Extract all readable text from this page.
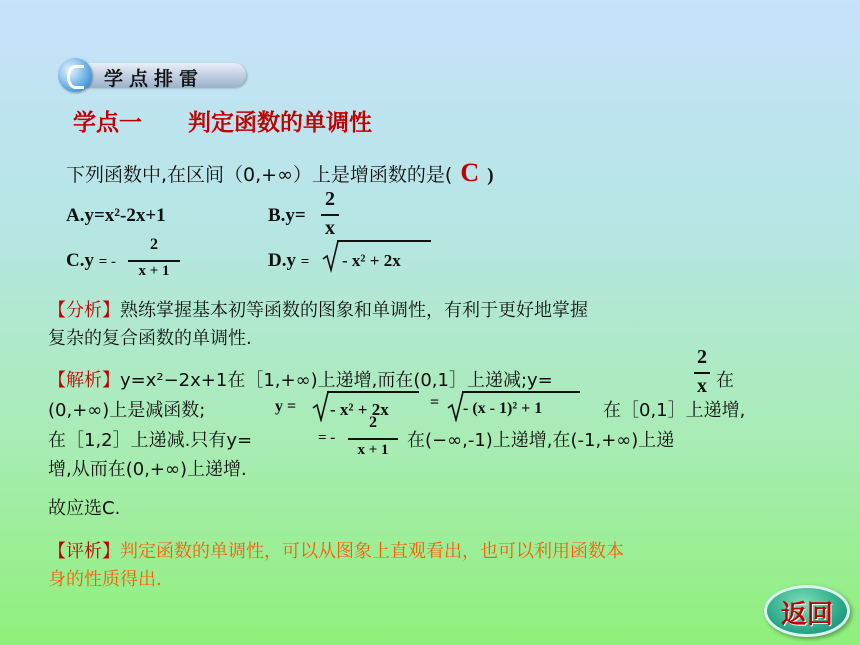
学点排雷
学点一　　判定函数的单调性
下列函数中,在区间（0,+∞）上是增函数的是( C )
A.y=x²-2x+1	B.y=
2
x
C.y = -
2
x + 1	D.y = - x² + 2x
【分析】熟练掌握基本初等函数的图象和单调性，有利于更好地掌握
复杂的复合函数的单调性.
【解析】y=x²−2x+1在［1,+∞)上递增,而在(0,1］上递减;y=
2
x 在
(0,+∞)上是减函数;	y = - x² + 2x	= - (x - 1)² + 1	在［0,1］上递增,
在［1,2］上递减.只有y=	= -
2
x + 1	在(−∞,-1)上递增,在(-1,+∞)上递
增,从而在(0,+∞)上递增.
故应选C.
【评析】判定函数的单调性，可以从图象上直观看出，也可以利用函数本
身的性质得出.
返回
